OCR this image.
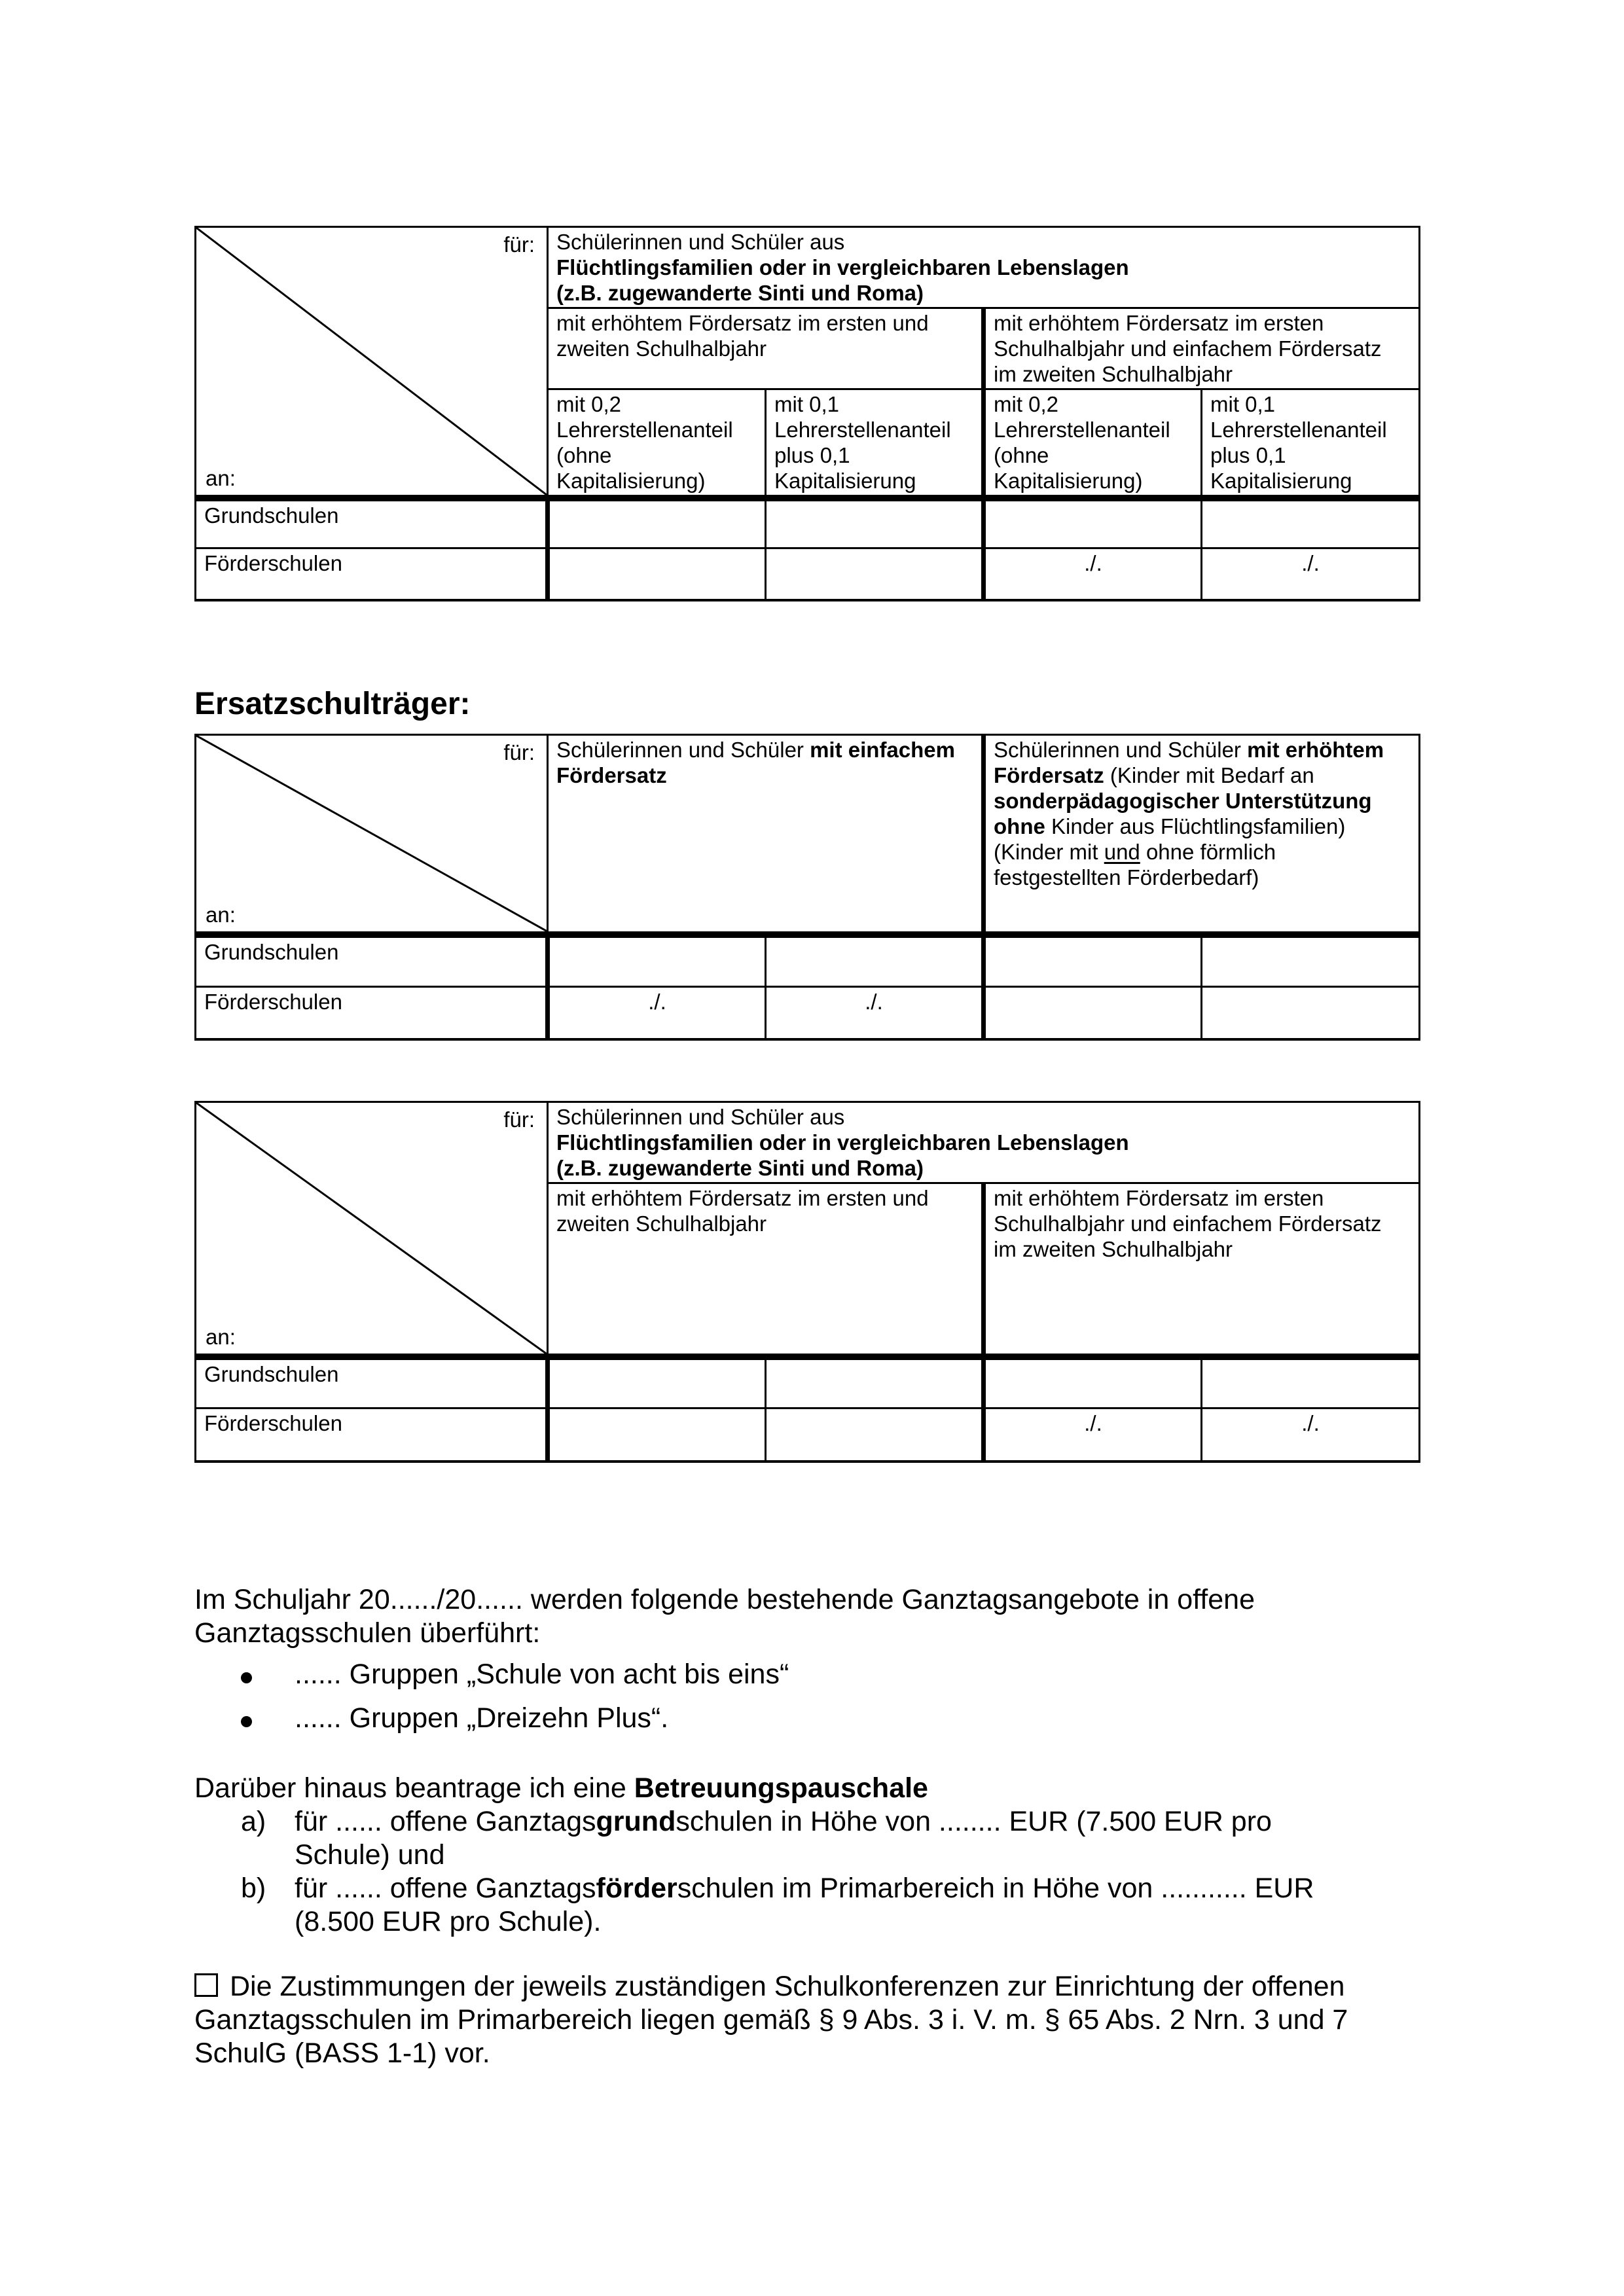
für:
an:	Schülerinnen und Schüler aus
Flüchtlingsfamilien oder in vergleichbaren Lebenslagen
(z.B. zugewanderte Sinti und Roma)			
	mit erhöhtem Fördersatz im ersten und
zweiten Schulhalbjahr		mit erhöhtem Fördersatz im ersten
Schulhalbjahr und einfachem Fördersatz
im zweiten Schulhalbjahr	
	mit 0,2
Lehrerstellenanteil
(ohne
Kapitalisierung)	mit 0,1
Lehrerstellenanteil
plus 0,1
Kapitalisierung	mit 0,2
Lehrerstellenanteil
(ohne
Kapitalisierung)	mit 0,1
Lehrerstellenanteil
plus 0,1
Kapitalisierung
Grundschulen				
Förderschulen			./.	./.
Ersatzschulträger:
für:
an:
	Schülerinnen und Schüler mit einfachem
Fördersatz	Schülerinnen und Schüler mit erhöhtem
Fördersatz (Kinder mit Bedarf an
sonderpädagogischer Unterstützung
ohne Kinder aus Flüchtlingsfamilien)
(Kinder mit und ohne förmlich
festgestellten Förderbedarf)
Grundschulen				
Förderschulen	./.	./.		
für:
an:	Schülerinnen und Schüler aus
Flüchtlingsfamilien oder in vergleichbaren Lebenslagen
(z.B. zugewanderte Sinti und Roma)			
	mit erhöhtem Fördersatz im ersten und
zweiten Schulhalbjahr		mit erhöhtem Fördersatz im ersten
Schulhalbjahr und einfachem Fördersatz
im zweiten Schulhalbjahr	
Grundschulen				
Förderschulen			./.	./.
Im Schuljahr 20....../20...... werden folgende bestehende Ganztagsangebote in offene
Ganztagsschulen überführt:
...... Gruppen „Schule von acht bis eins“
...... Gruppen „Dreizehn Plus“.
Darüber hinaus beantrage ich eine Betreuungspauschale
a)	für ...... offene Ganztagsgrundschulen in Höhe von ........ EUR (7.500 EUR pro
Schule) und
b)	für ...... offene Ganztagsförderschulen im Primarbereich in Höhe von ........... EUR
(8.500 EUR pro Schule).
Die Zustimmungen der jeweils zuständigen Schulkonferenzen zur Einrichtung der offenen
Ganztagsschulen im Primarbereich liegen gemäß § 9 Abs. 3 i. V. m. § 65 Abs. 2 Nrn. 3 und 7
SchulG (BASS 1-1) vor.
